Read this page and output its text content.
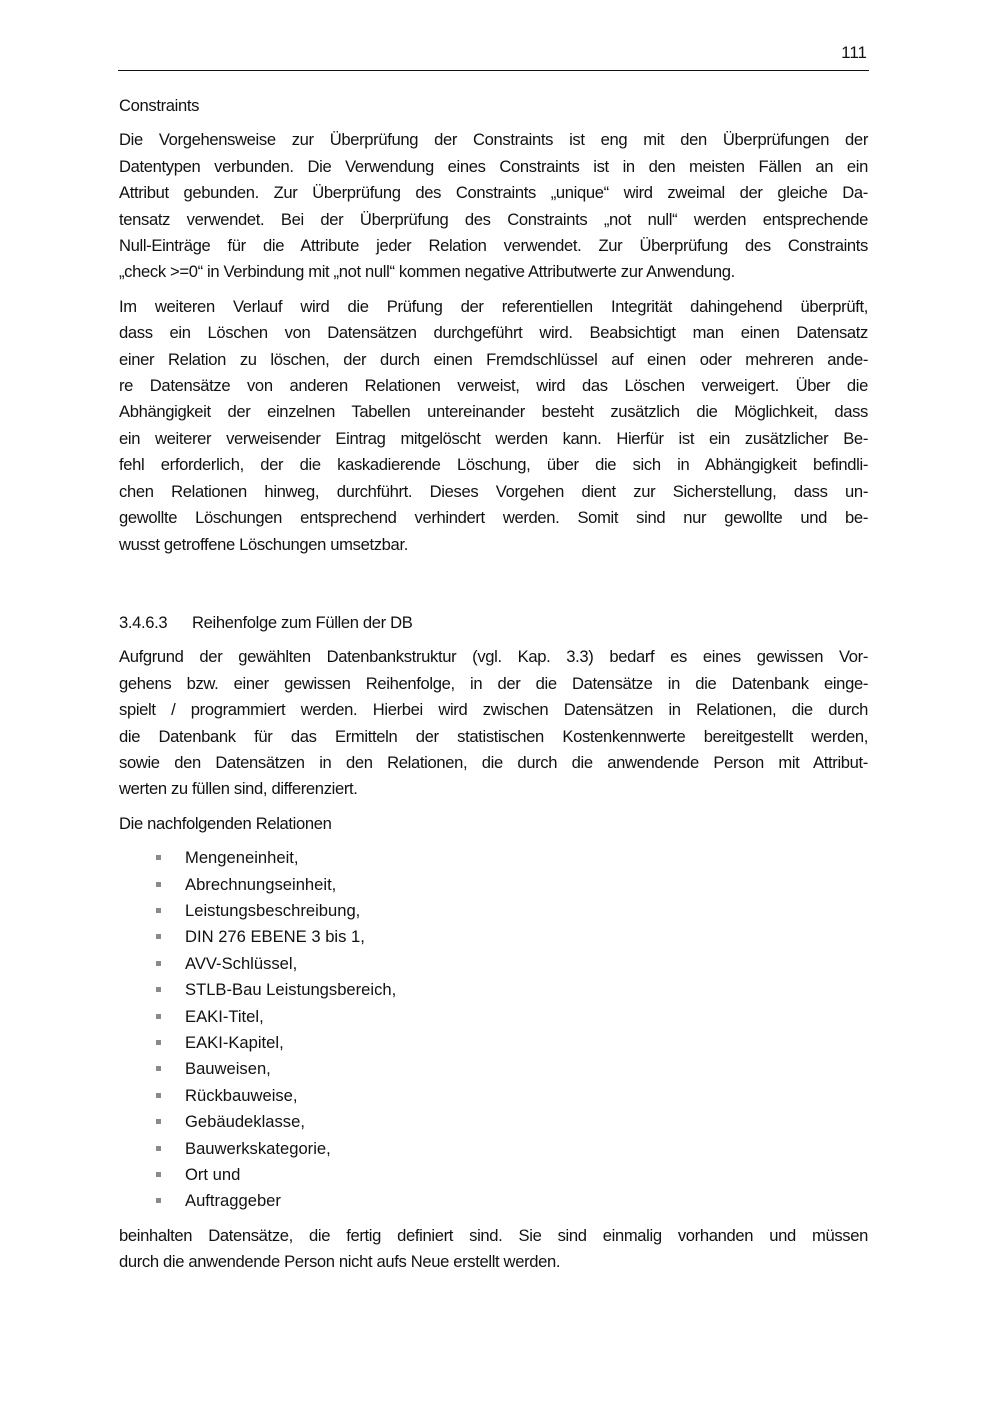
111
Constraints

Die Vorgehensweise zur Überprüfung der Constraints ist eng mit den Überprüfungen der
Datentypen verbunden. Die Verwendung eines Constraints ist in den meisten Fällen an ein
Attribut gebunden. Zur Überprüfung des Constraints „unique“ wird zweimal der gleiche Da-
tensatz verwendet. Bei der Überprüfung des Constraints „not null“ werden entsprechende
Null-Einträge für die Attribute jeder Relation verwendet. Zur Überprüfung des Constraints
„check >=0“ in Verbindung mit „not null“ kommen negative Attributwerte zur Anwendung.

Im weiteren Verlauf wird die Prüfung der referentiellen Integrität dahingehend überprüft,
dass ein Löschen von Datensätzen durchgeführt wird. Beabsichtigt man einen Datensatz
einer Relation zu löschen, der durch einen Fremdschlüssel auf einen oder mehreren ande-
re Datensätze von anderen Relationen verweist, wird das Löschen verweigert. Über die
Abhängigkeit der einzelnen Tabellen untereinander besteht zusätzlich die Möglichkeit, dass
ein weiterer verweisender Eintrag mitgelöscht werden kann. Hierfür ist ein zusätzlicher Be-
fehl erforderlich, der die kaskadierende Löschung, über die sich in Abhängigkeit befindli-
chen Relationen hinweg, durchführt. Dieses Vorgehen dient zur Sicherstellung, dass un-
gewollte Löschungen entsprechend verhindert werden. Somit sind nur gewollte und be-
wusst getroffene Löschungen umsetzbar.

3.4.6.3 Reihenfolge zum Füllen der DB

Aufgrund der gewählten Datenbankstruktur (vgl. Kap. 3.3) bedarf es eines gewissen Vor-
gehens bzw. einer gewissen Reihenfolge, in der die Datensätze in die Datenbank einge-
spielt / programmiert werden. Hierbei wird zwischen Datensätzen in Relationen, die durch
die Datenbank für das Ermitteln der statistischen Kostenkennwerte bereitgestellt werden,
sowie den Datensätzen in den Relationen, die durch die anwendende Person mit Attribut-
werten zu füllen sind, differenziert.

Die nachfolgenden Relationen

Mengeneinheit,
Abrechnungseinheit,
Leistungsbeschreibung,
DIN 276 EBENE 3 bis 1,
AVV-Schlüssel,
STLB-Bau Leistungsbereich,
EAKI-Titel,
EAKI-Kapitel,
Bauweisen,
Rückbauweise,
Gebäudeklasse,
Bauwerkskategorie,
Ort und
Auftraggeber

beinhalten Datensätze, die fertig definiert sind. Sie sind einmalig vorhanden und müssen
durch die anwendende Person nicht aufs Neue erstellt werden.
